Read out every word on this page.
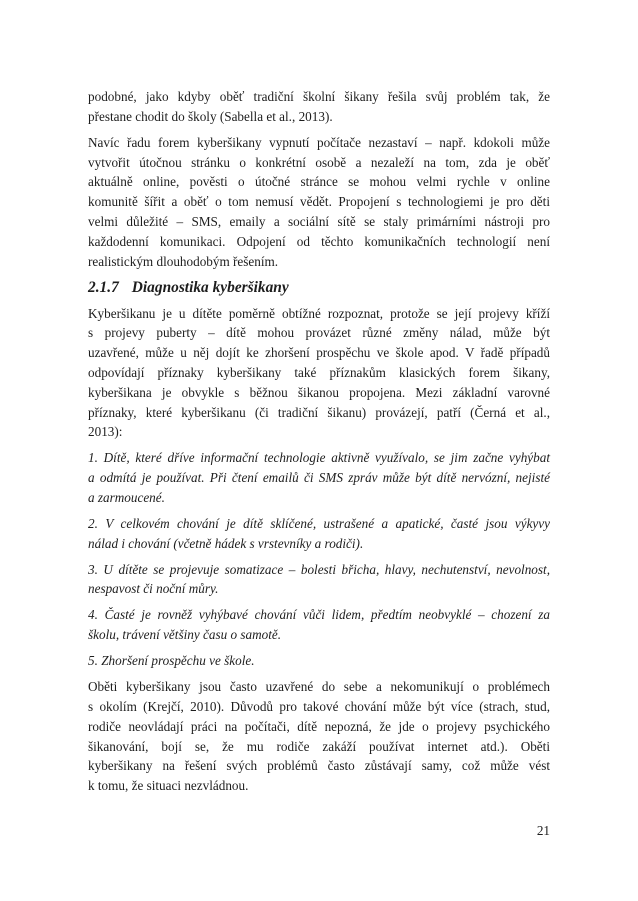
podobné, jako kdyby oběť tradiční školní šikany řešila svůj problém tak, že
přestane chodit do školy (Sabella et al., 2013).
Navíc řadu forem kyberšikany vypnutí počítače nezastaví – např. kdokoli může
vytvořit útočnou stránku o konkrétní osobě a nezaleží na tom, zda je oběť
aktuálně online, pověsti o útočné stránce se mohou velmi rychle v online
komunitě šířit a oběť o tom nemusí vědět. Propojení s technologiemi je pro děti
velmi důležité – SMS, emaily a sociální sítě se staly primárními nástroji pro
každodenní komunikaci. Odpojení od těchto komunikačních technologií není
realistickým dlouhodobým řešením.
2.1.7 Diagnostika kyberšikany
Kyberšikanu je u dítěte poměrně obtížné rozpoznat, protože se její projevy kříží
s projevy puberty – dítě mohou provázet různé změny nálad, může být
uzavřené, může u něj dojít ke zhoršení prospěchu ve škole apod. V řadě případů
odpovídají příznaky kyberšikany také příznakům klasických forem šikany,
kyberšikana je obvykle s běžnou šikanou propojena. Mezi základní varovné
příznaky, které kyberšikanu (či tradiční šikanu) provázejí, patří (Černá et al.,
2013):
1. Dítě, které dříve informační technologie aktivně využívalo, se jim začne vyhýbat
a odmítá je používat. Při čtení emailů či SMS zpráv může být dítě nervózní, nejisté
a zarmoucené.
2. V celkovém chování je dítě sklíčené, ustrašené a apatické, časté jsou výkyvy
nálad i chování (včetně hádek s vrstevníky a rodiči).
3. U dítěte se projevuje somatizace – bolesti břicha, hlavy, nechutenství, nevolnost,
nespavost či noční můry.
4. Časté je rovněž vyhýbavé chování vůči lidem, předtím neobvyklé – chození za
školu, trávení většiny času o samotě.
5. Zhoršení prospěchu ve škole.
Oběti kyberšikany jsou často uzavřené do sebe a nekomunikují o problémech
s okolím (Krejčí, 2010). Důvodů pro takové chování může být více (strach, stud,
rodiče neovládají práci na počítači, dítě nepozná, že jde o projevy psychického
šikanování, bojí se, že mu rodiče zakáží používat internet atd.). Oběti
kyberšikany na řešení svých problémů často zůstávají samy, což může vést
k tomu, že situaci nezvládnou.
21
